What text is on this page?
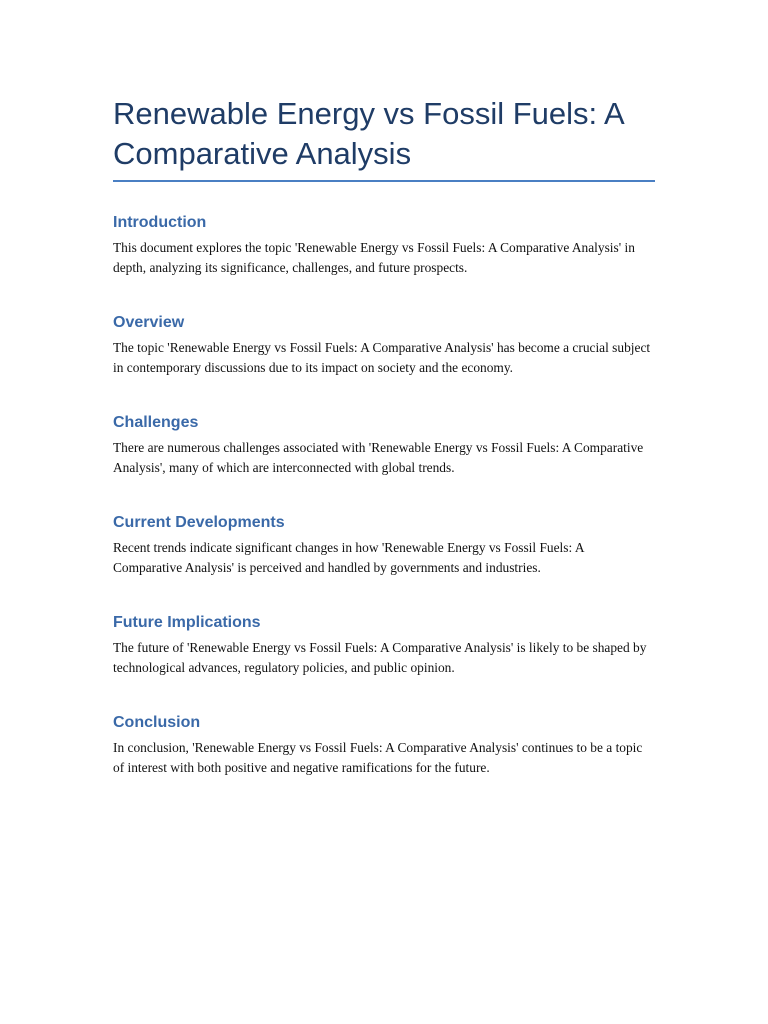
Renewable Energy vs Fossil Fuels: A Comparative Analysis
Introduction

This document explores the topic 'Renewable Energy vs Fossil Fuels: A Comparative Analysis' in depth, analyzing its significance, challenges, and future prospects.

Overview

The topic 'Renewable Energy vs Fossil Fuels: A Comparative Analysis' has become a crucial subject in contemporary discussions due to its impact on society and the economy.

Challenges

There are numerous challenges associated with 'Renewable Energy vs Fossil Fuels: A Comparative Analysis', many of which are interconnected with global trends.

Current Developments

Recent trends indicate significant changes in how 'Renewable Energy vs Fossil Fuels: A Comparative Analysis' is perceived and handled by governments and industries.

Future Implications

The future of 'Renewable Energy vs Fossil Fuels: A Comparative Analysis' is likely to be shaped by technological advances, regulatory policies, and public opinion.

Conclusion

In conclusion, 'Renewable Energy vs Fossil Fuels: A Comparative Analysis' continues to be a topic of interest with both positive and negative ramifications for the future.
